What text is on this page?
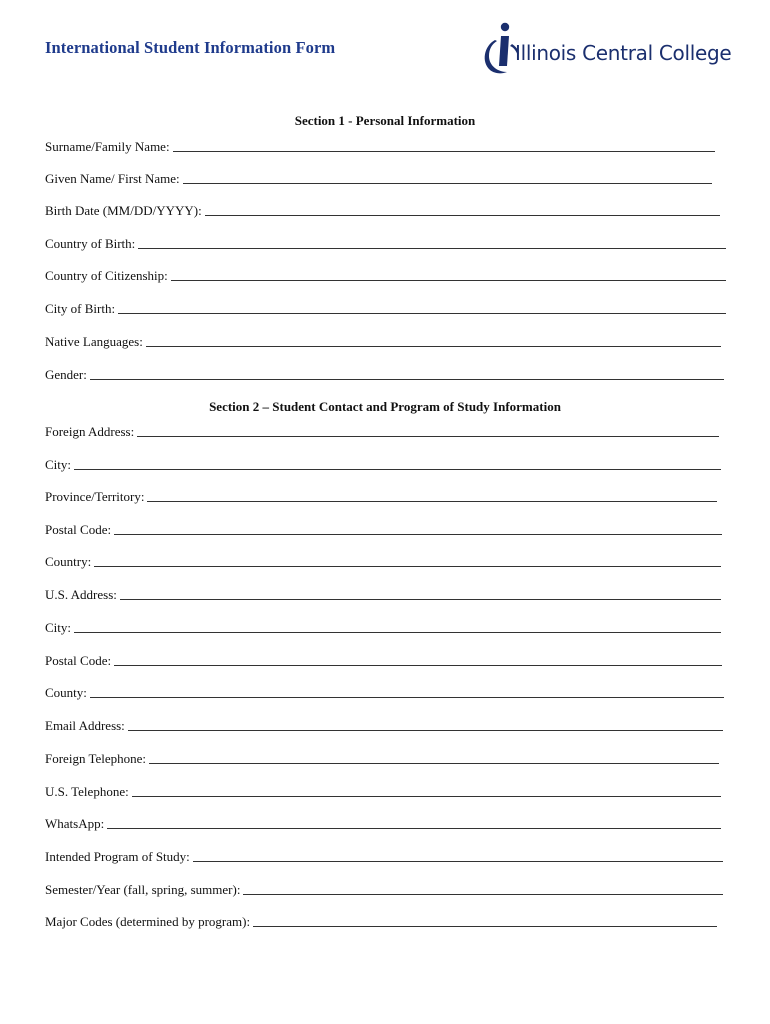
International Student Information Form	Illinois Central College
Section 1 - Personal Information
Surname/Family Name:
Given Name/ First Name:
Birth Date (MM/DD/YYYY):
Country of Birth:
Country of Citizenship:
City of Birth:
Native Languages:
Gender:
Section 2 – Student Contact and Program of Study Information
Foreign Address:
City:
Province/Territory:
Postal Code:
Country:
U.S. Address:
City:
Postal Code:
County:
Email Address:
Foreign Telephone:
U.S. Telephone:
WhatsApp:
Intended Program of Study:
Semester/Year (fall, spring, summer):
Major Codes (determined by program):
